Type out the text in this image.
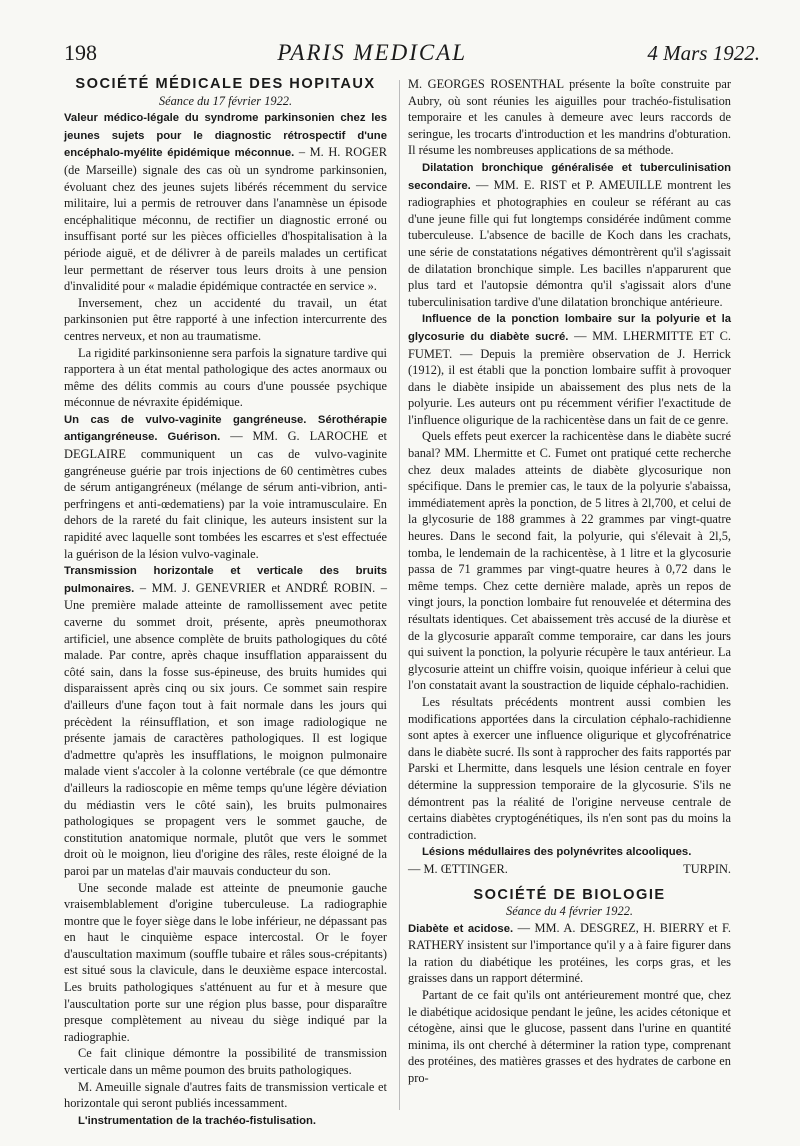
198	PARIS MEDICAL	4 Mars 1922.
SOCIÉTÉ MÉDICALE DES HOPITAUX

Séance du 17 février 1922.

Valeur médico-légale du syndrome parkinsonien chez les jeunes sujets pour le diagnostic rétrospectif d'une encéphalo-myélite épidémique méconnue. – M. H. ROGER (de Marseille) signale des cas où un syndrome parkinsonien, évoluant chez des jeunes sujets libérés récemment du service militaire, lui a permis de retrouver dans l'anamnèse un épisode encéphalitique méconnu, de rectifier un diagnostic erroné ou insuffisant porté sur les pièces officielles d'hospitalisation à la période aiguë, et de délivrer à de pareils malades un certificat leur permettant de réserver tous leurs droits à une pension d'invalidité pour « maladie épidémique contractée en service ».

Inversement, chez un accidenté du travail, un état parkinsonien put être rapporté à une infection intercurrente des centres nerveux, et non au traumatisme.

La rigidité parkinsonienne sera parfois la signature tardive qui rapportera à un état mental pathologique des actes anormaux ou même des délits commis au cours d'une poussée psychique méconnue de névraxite épidémique.

Un cas de vulvo-vaginite gangréneuse. Sérothérapie antigangréneuse. Guérison. — MM. G. LAROCHE et DEGLAIRE communiquent un cas de vulvo-vaginite gangréneuse guérie par trois injections de 60 centimètres cubes de sérum antigangréneux (mélange de sérum anti-vibrion, anti-perfringens et anti-œdematiens) par la voie intramusculaire. En dehors de la rareté du fait clinique, les auteurs insistent sur la rapidité avec laquelle sont tombées les escarres et s'est effectuée la guérison de la lésion vulvo-vaginale.

Transmission horizontale et verticale des bruits pulmonaires. – MM. J. GENEVRIER et ANDRÉ ROBIN. – Une première malade atteinte de ramollissement avec petite caverne du sommet droit, présente, après pneumothorax artificiel, une absence complète de bruits pathologiques du côté malade. Par contre, après chaque insufflation apparaissent du côté sain, dans la fosse sus-épineuse, des bruits humides qui disparaissent après cinq ou six jours. Ce sommet sain respire d'ailleurs d'une façon tout à fait normale dans les jours qui précèdent la réinsufflation, et son image radiologique ne présente jamais de caractères pathologiques. Il est logique d'admettre qu'après les insufflations, le moignon pulmonaire malade vient s'accoler à la colonne vertébrale (ce que démontre d'ailleurs la radioscopie en même temps qu'une légère déviation du médiastin vers le côté sain), les bruits pulmonaires pathologiques se propagent vers le sommet gauche, de constitution anatomique normale, plutôt que vers le sommet droit où le moignon, lieu d'origine des râles, reste éloigné de la paroi par un matelas d'air mauvais conducteur du son.

Une seconde malade est atteinte de pneumonie gauche vraisemblablement d'origine tuberculeuse. La radiographie montre que le foyer siège dans le lobe inférieur, ne dépassant pas en haut le cinquième espace intercostal. Or le foyer d'auscultation maximum (souffle tubaire et râles sous-crépitants) est situé sous la clavicule, dans le deuxième espace intercostal. Les bruits pathologiques s'atténuent au fur et à mesure que l'auscultation porte sur une région plus basse, pour disparaître presque complètement au niveau du siège indiqué par la radiographie.

Ce fait clinique démontre la possibilité de transmission verticale dans un même poumon des bruits pathologiques.

M. Ameuille signale d'autres faits de transmission verticale et horizontale qui seront publiés incessamment.

L'instrumentation de la trachéo-fistulisation.

M. GEORGES ROSENTHAL présente la boîte construite par Aubry, où sont réunies les aiguilles pour trachéo-fistulisation temporaire et les canules à demeure avec leurs raccords de seringue, les trocarts d'introduction et les mandrins d'obturation. Il résume les nombreuses applications de sa méthode.

Dilatation bronchique généralisée et tuberculinisation secondaire. — MM. E. RIST et P. AMEUILLE montrent les radiographies et photographies en couleur se référant au cas d'une jeune fille qui fut longtemps considérée indûment comme tuberculeuse. L'absence de bacille de Koch dans les crachats, une série de constatations négatives démontrèrent qu'il s'agissait de dilatation bronchique simple. Les bacilles n'apparurent que plus tard et l'autopsie démontra qu'il s'agissait alors d'une tuberculinisation tardive d'une dilatation bronchique antérieure.

Influence de la ponction lombaire sur la polyurie et la glycosurie du diabète sucré. — MM. LHERMITTE ET C. FUMET. — Depuis la première observation de J. Herrick (1912), il est établi que la ponction lombaire suffit à provoquer dans le diabète insipide un abaissement des plus nets de la polyurie. Les auteurs ont pu récemment vérifier l'exactitude de l'influence oligurique de la rachicentèse dans un fait de ce genre.

Quels effets peut exercer la rachicentèse dans le diabète sucré banal? MM. Lhermitte et C. Fumet ont pratiqué cette recherche chez deux malades atteints de diabète glycosurique non spécifique. Dans le premier cas, le taux de la polyurie s'abaissa, immédiatement après la ponction, de 5 litres à 2l,700, et celui de la glycosurie de 188 grammes à 22 grammes par vingt-quatre heures. Dans le second fait, la polyurie, qui s'élevait à 2l,5, tomba, le lendemain de la rachicentèse, à 1 litre et la glycosurie passa de 71 grammes par vingt-quatre heures à 0,72 dans le même temps. Chez cette dernière malade, après un repos de vingt jours, la ponction lombaire fut renouvelée et détermina des résultats identiques. Cet abaissement très accusé de la diurèse et de la glycosurie apparaît comme temporaire, car dans les jours qui suivent la ponction, la polyurie récupère le taux antérieur. La glycosurie atteint un chiffre voisin, quoique inférieur à celui que l'on constatait avant la soustraction de liquide céphalo-rachidien.

Les résultats précédents montrent aussi combien les modifications apportées dans la circulation céphalo-rachidienne sont aptes à exercer une influence oligurique et glycofrénatrice dans le diabète sucré. Ils sont à rapprocher des faits rapportés par Parski et Lhermitte, dans lesquels une lésion centrale en foyer détermine la suppression temporaire de la glycosurie. S'ils ne démontrent pas la réalité de l'origine nerveuse centrale de certains diabètes cryptogénétiques, ils n'en sont pas du moins la contradiction.

Lésions médullaires des polynévrites alcooliques.

— M. ŒTTINGER.	TURPIN.

SOCIÉTÉ DE BIOLOGIE

Séance du 4 février 1922.

Diabète et acidose. — MM. A. DESGREZ, H. BIERRY et F. RATHERY insistent sur l'importance qu'il y a à faire figurer dans la ration du diabétique les protéines, les corps gras, et les graisses dans un rapport déterminé.

Partant de ce fait qu'ils ont antérieurement montré que, chez le diabétique acidosique pendant le jeûne, les acides cétonique et cétogène, ainsi que le glucose, passent dans l'urine en quantité minima, ils ont cherché à déterminer la ration type, comprenant des protéines, des matières grasses et des hydrates de carbone en pro-
